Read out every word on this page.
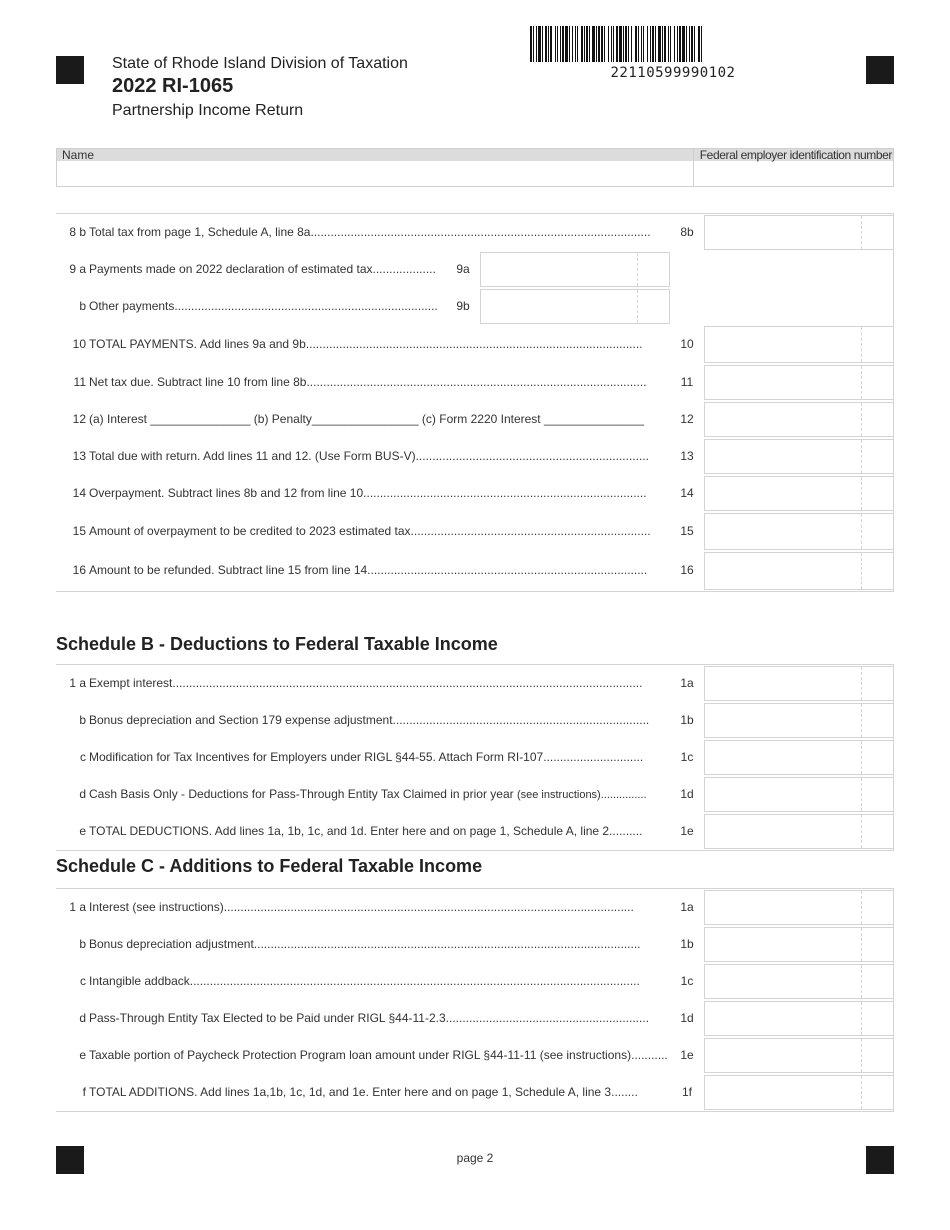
State of Rhode Island Division of Taxation
2022 RI-1065
Partnership Income Return
22110599990102
Name	Federal employer identification number
8 b Total tax from page 1, Schedule A, line 8a......................................................................................................	8b
9 a Payments made on 2022 declaration of estimated tax...................	9a
b Other payments...............................................................................	9b
10 TOTAL PAYMENTS. Add lines 9a and 9b.....................................................................................................	10
11 Net tax due. Subtract line 10 from line 8b......................................................................................................	11
12 (a) Interest _______________ (b) Penalty________________ (c) Form 2220 Interest _______________	12
13 Total due with return. Add lines 11 and 12. (Use Form BUS-V)......................................................................	13
14 Overpayment. Subtract lines 8b and 12 from line 10.....................................................................................	14
15 Amount of overpayment to be credited to 2023 estimated tax........................................................................	15
16 Amount to be refunded. Subtract line 15 from line 14....................................................................................	16
Schedule B - Deductions to Federal Taxable Income
1 a Exempt interest.............................................................................................................................................	1a
b Bonus depreciation and Section 179 expense adjustment.............................................................................	1b
c Modification for Tax Incentives for Employers under RIGL §44-55. Attach Form RI-107..............................	1c
d Cash Basis Only - Deductions for Pass-Through Entity Tax Claimed in prior year (see instructions)...............	1d
e TOTAL DEDUCTIONS. Add lines 1a, 1b, 1c, and 1d. Enter here and on page 1, Schedule A, line 2..........	1e
Schedule C - Additions to Federal Taxable Income
1 a Interest (see instructions)...........................................................................................................................	1a
b Bonus depreciation adjustment....................................................................................................................	1b
c Intangible addback.......................................................................................................................................	1c
d Pass-Through Entity Tax Elected to be Paid under RIGL §44-11-2.3.............................................................	1d
e Taxable portion of Paycheck Protection Program loan amount under RIGL §44-11-11 (see instructions)...........	1e
f TOTAL ADDITIONS. Add lines 1a,1b, 1c, 1d, and 1e. Enter here and on page 1, Schedule A, line 3........	1f
page 2
